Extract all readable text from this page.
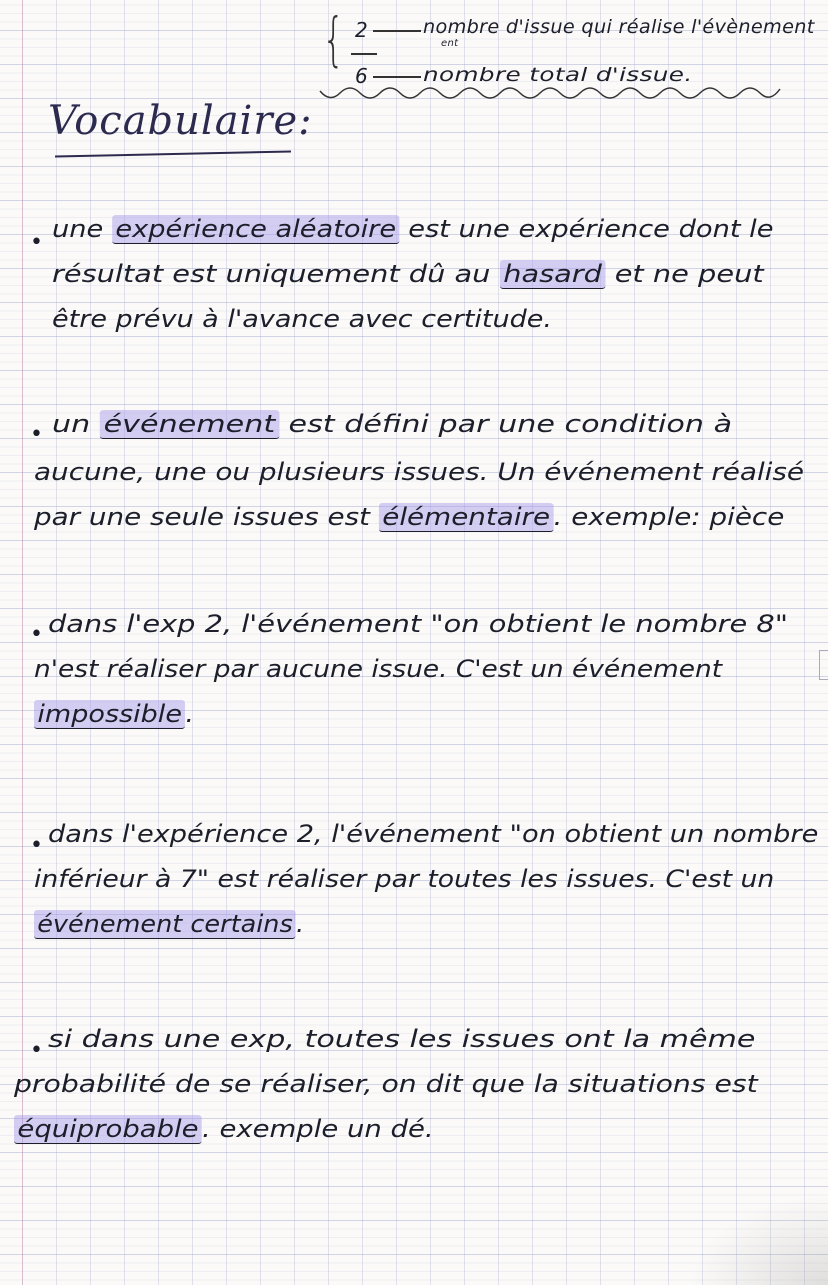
{ 2
6
nombre d'issue qui réalise l'évènement
ent
nombre total d'issue.
Vocabulaire:
• une expérience aléatoire est une expérience dont le
résultat est uniquement dû au hasard et ne peut
être prévu à l'avance avec certitude.
• un événement est défini par une condition à
aucune, une ou plusieurs issues. Un événement réalisé
par une seule issues est élémentaire . exemple: pièce
• dans l'exp 2, l'événement "on obtient le nombre 8"
n'est réaliser par aucune issue. C'est un événement
impossible .
• dans l'expérience 2, l'événement "on obtient un nombre
inférieur à 7" est réaliser par toutes les issues. C'est un
événement certains .
• si dans une exp, toutes les issues ont la même
probabilité de se réaliser, on dit que la situations est
équiprobable . exemple un dé.
